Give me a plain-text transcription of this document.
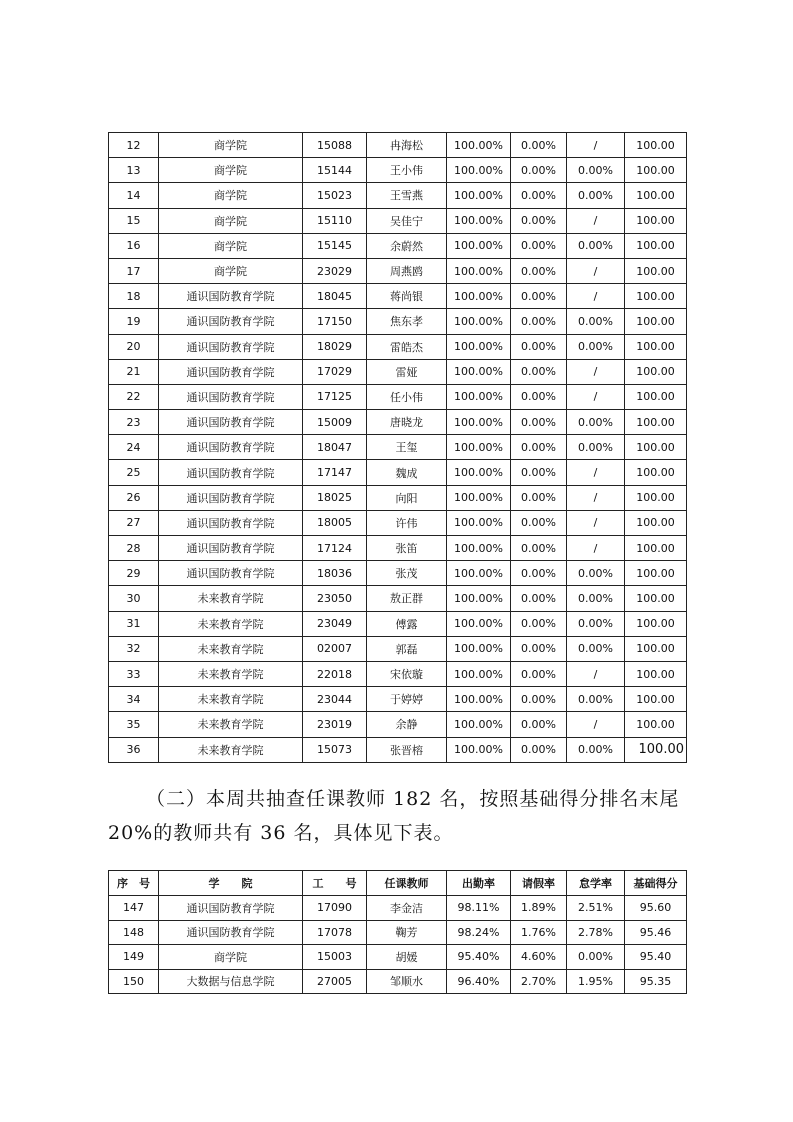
12	商学院	15088	冉海松	100.00%	0.00%	/	100.00
13	商学院	15144	王小伟	100.00%	0.00%	0.00%	100.00
14	商学院	15023	王雪燕	100.00%	0.00%	0.00%	100.00
15	商学院	15110	吴佳宁	100.00%	0.00%	/	100.00
16	商学院	15145	余蔚然	100.00%	0.00%	0.00%	100.00
17	商学院	23029	周燕鸥	100.00%	0.00%	/	100.00
18	通识国防教育学院	18045	蒋尚银	100.00%	0.00%	/	100.00
19	通识国防教育学院	17150	焦东孝	100.00%	0.00%	0.00%	100.00
20	通识国防教育学院	18029	雷皓杰	100.00%	0.00%	0.00%	100.00
21	通识国防教育学院	17029	雷娅	100.00%	0.00%	/	100.00
22	通识国防教育学院	17125	任小伟	100.00%	0.00%	/	100.00
23	通识国防教育学院	15009	唐晓龙	100.00%	0.00%	0.00%	100.00
24	通识国防教育学院	18047	王玺	100.00%	0.00%	0.00%	100.00
25	通识国防教育学院	17147	魏成	100.00%	0.00%	/	100.00
26	通识国防教育学院	18025	向阳	100.00%	0.00%	/	100.00
27	通识国防教育学院	18005	许伟	100.00%	0.00%	/	100.00
28	通识国防教育学院	17124	张笛	100.00%	0.00%	/	100.00
29	通识国防教育学院	18036	张茂	100.00%	0.00%	0.00%	100.00
30	未来教育学院	23050	敖正群	100.00%	0.00%	0.00%	100.00
31	未来教育学院	23049	傅露	100.00%	0.00%	0.00%	100.00
32	未来教育学院	02007	郭磊	100.00%	0.00%	0.00%	100.00
33	未来教育学院	22018	宋依璇	100.00%	0.00%	/	100.00
34	未来教育学院	23044	于婷婷	100.00%	0.00%	0.00%	100.00
35	未来教育学院	23019	余静	100.00%	0.00%	/	100.00
36	未来教育学院	15073	张晋榕	100.00%	0.00%	0.00%	100.00
（二）本周共抽查任课教师 182 名，按照基础得分排名末尾
20%的教师共有 36 名，具体见下表。
序　号	学　　院	工　　号	任课教师	出勤率	请假率	怠学率	基础得分
147	通识国防教育学院	17090	李金洁	98.11%	1.89%	2.51%	95.60
148	通识国防教育学院	17078	鞠芳	98.24%	1.76%	2.78%	95.46
149	商学院	15003	胡媛	95.40%	4.60%	0.00%	95.40
150	大数据与信息学院	27005	邹顺水	96.40%	2.70%	1.95%	95.35
